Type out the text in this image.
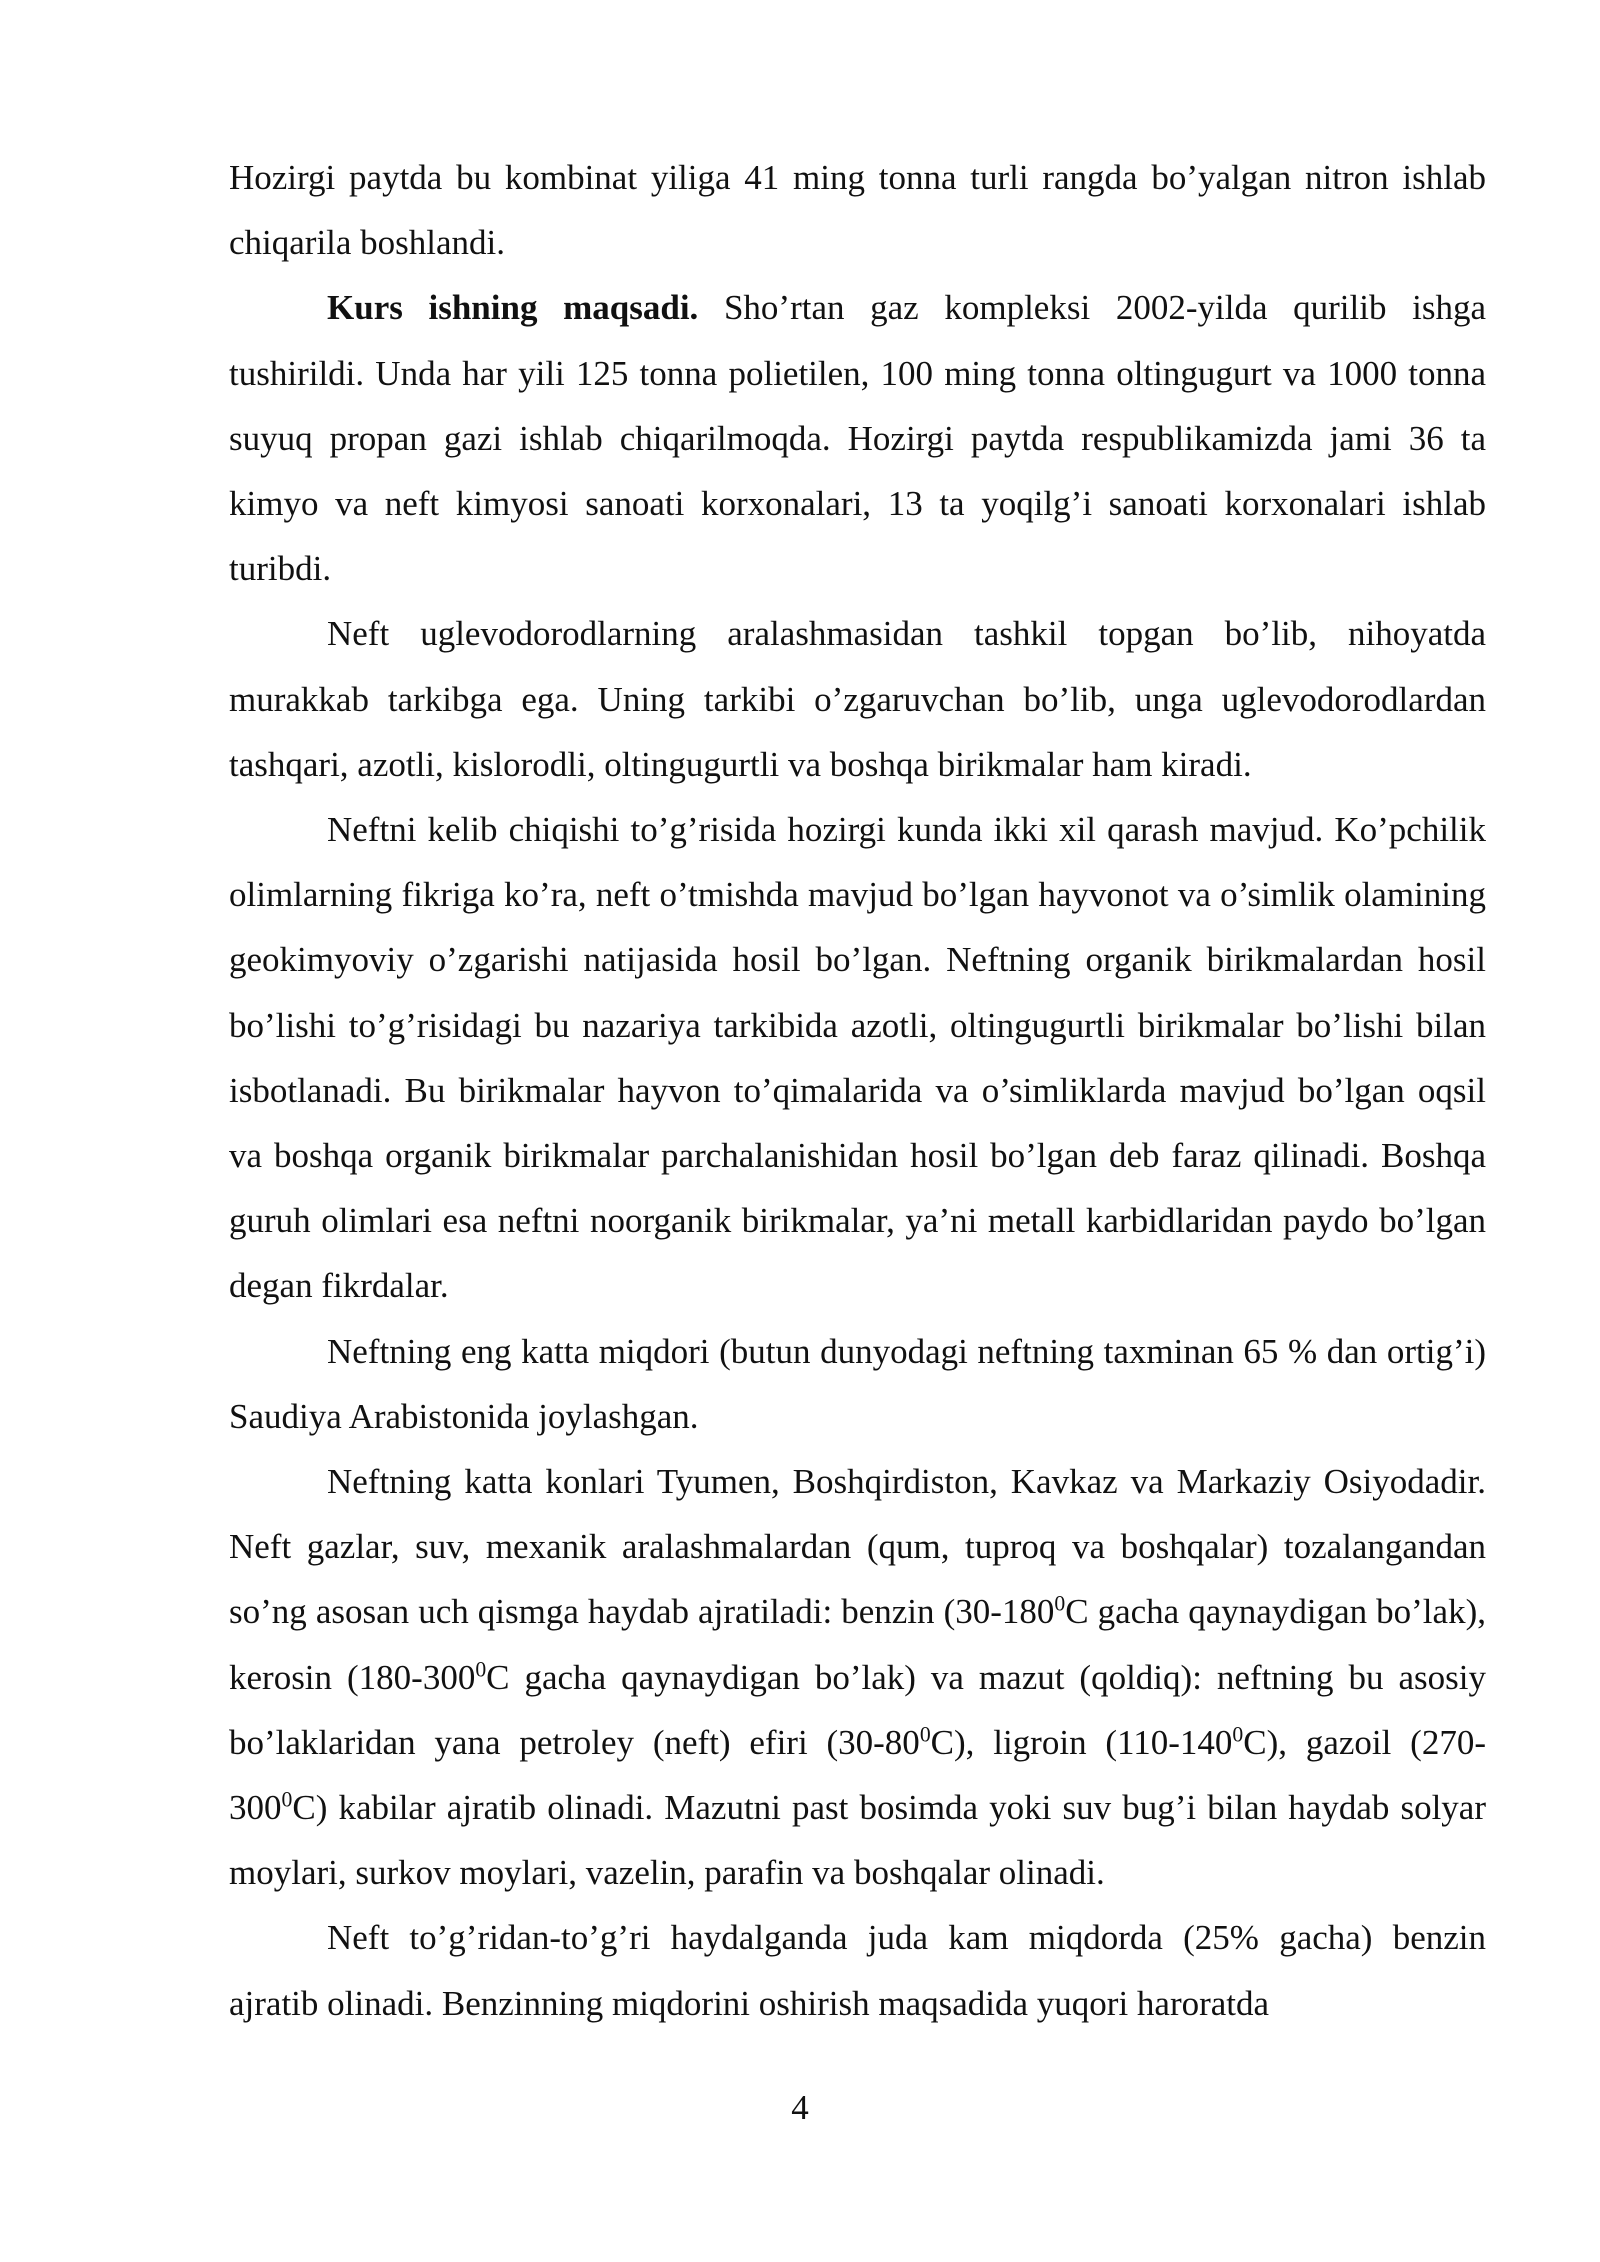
Hozirgi paytda bu kombinat yiliga 41 ming tonna turli rangda bo’yalgan nitron ishlab chiqarila boshlandi.

Kurs ishning maqsadi. Sho’rtan gaz kompleksi 2002-yilda qurilib ishga tushirildi. Unda har yili 125 tonna polietilen, 100 ming tonna oltingugurt va 1000 tonna suyuq propan gazi ishlab chiqarilmoqda. Hozirgi paytda respublikamizda jami 36 ta kimyo va neft kimyosi sanoati korxonalari, 13 ta yoqilg’i sanoati korxonalari ishlab turibdi.

Neft uglevodorodlarning aralashmasidan tashkil topgan bo’lib, nihoyatda murakkab tarkibga ega. Uning tarkibi o’zgaruvchan bo’lib, unga uglevodorodlardan tashqari, azotli, kislorodli, oltingugurtli va boshqa birikmalar ham kiradi.

Neftni kelib chiqishi to’g’risida hozirgi kunda ikki xil qarash mavjud. Ko’pchilik olimlarning fikriga ko’ra, neft o’tmishda mavjud bo’lgan hayvonot va o’simlik olamining geokimyoviy o’zgarishi natijasida hosil bo’lgan. Neftning organik birikmalardan hosil bo’lishi to’g’risidagi bu nazariya tarkibida azotli, oltingugurtli birikmalar bo’lishi bilan isbotlanadi. Bu birikmalar hayvon to’qimalarida va o’simliklarda mavjud bo’lgan oqsil va boshqa organik birikmalar parchalanishidan hosil bo’lgan deb faraz qilinadi. Boshqa guruh olimlari esa neftni noorganik birikmalar, ya’ni metall karbidlaridan paydo bo’lgan degan fikrdalar.

Neftning eng katta miqdori (butun dunyodagi neftning taxminan 65 % dan ortig’i) Saudiya Arabistonida joylashgan.

Neftning katta konlari Tyumen, Boshqirdiston, Kavkaz va Markaziy Osiyodadir. Neft gazlar, suv, mexanik aralashmalardan (qum, tuproq va boshqalar) tozalangandan so’ng asosan uch qismga haydab ajratiladi: benzin ($30-180^0C$ gacha qaynaydigan bo’lak), kerosin ($180-300^0C$ gacha qaynaydigan bo’lak) va mazut (qoldiq): neftning bu asosiy bo’laklaridan yana petroley (neft) efiri $(30-80^0C)$, ligroin $(110-140^0C)$, gazoil $(270-300^0C)$ kabilar ajratib olinadi. Mazutni past bosimda yoki suv bug’i bilan haydab solyar moylari, surkov moylari, vazelin, parafin va boshqalar olinadi.

Neft to’g’ridan-to’g’ri haydalganda juda kam miqdorda (25% gacha) benzin ajratib olinadi. Benzinning miqdorini oshirish maqsadida yuqori haroratda

4
